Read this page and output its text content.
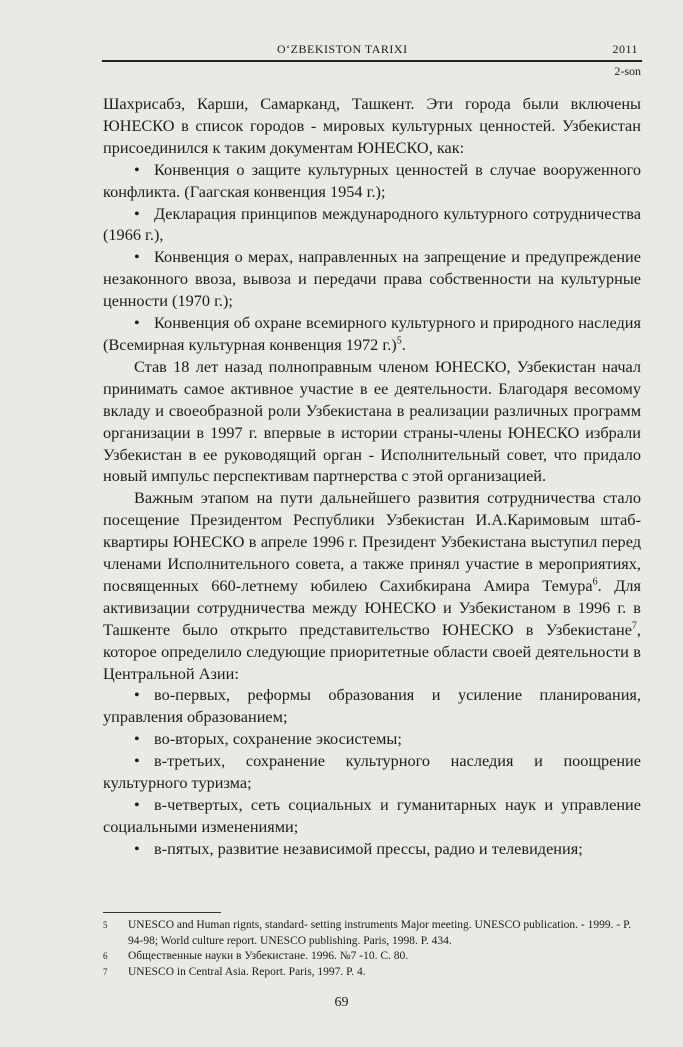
O‘ZBEKISTON TARIXI	2011
2-son

Шахрисабз, Карши, Самарканд, Ташкент. Эти города были включены ЮНЕСКО в список городов - мировых культурных ценностей. Узбекистан присоединился к таким документам ЮНЕСКО, как:

• Конвенция о защите культурных ценностей в случае вооруженного конфликта. (Гаагская конвенция 1954 г.);

• Декларация принципов международного культурного сотрудничества (1966 г.),

• Конвенция о мерах, направленных на запрещение и предупреждение незаконного ввоза, вывоза и передачи права собственности на культурные ценности (1970 г.);

• Конвенция об охране всемирного культурного и природного наследия (Всемирная культурная конвенция 1972 г.)$^5$.

Став 18 лет назад полноправным членом ЮНЕСКО, Узбекистан начал принимать самое активное участие в ее деятельности. Благодаря весомому вкладу и своеобразной роли Узбекистана в реализации различных программ организации в 1997 г. впервые в истории страны-члены ЮНЕСКО избрали Узбекистан в ее руководящий орган - Исполнительный совет, что придало новый импульс перспективам партнерства с этой организацией.

Важным этапом на пути дальнейшего развития сотрудничества стало посещение Президентом Республики Узбекистан И.А.Каримовым штаб-квартиры ЮНЕСКО в апреле 1996 г. Президент Узбекистана выступил перед членами Исполнительного совета, а также принял участие в мероприятиях, посвященных 660-летнему юбилею Сахибкирана Амира Темура$^6$. Для активизации сотрудничества между ЮНЕСКО и Узбекистаном в 1996 г. в Ташкенте было открыто представительство ЮНЕСКО в Узбекистане$^7$, которое определило следующие приоритетные области своей деятельности в Центральной Азии:

• во-первых, реформы образования и усиление планирования, управления образованием;

• во-вторых, сохранение экосистемы;

• в-третьих, сохранение культурного наследия и поощрение культурного туризма;

• в-четвертых, сеть социальных и гуманитарных наук и управление социальными изменениями;

• в-пятых, развитие независимой прессы, радио и телевидения;

5 UNESCO and Human rignts, standard- setting instruments Major meeting. UNESCO publication. - 1999. - P. 94-98; World culture report. UNESCO publishing. Paris, 1998. P. 434.
6 Общественные науки в Узбекистане. 1996. №7 -10. С. 80.
7 UNESCO in Central Asia. Report. Paris, 1997. P. 4.
69
